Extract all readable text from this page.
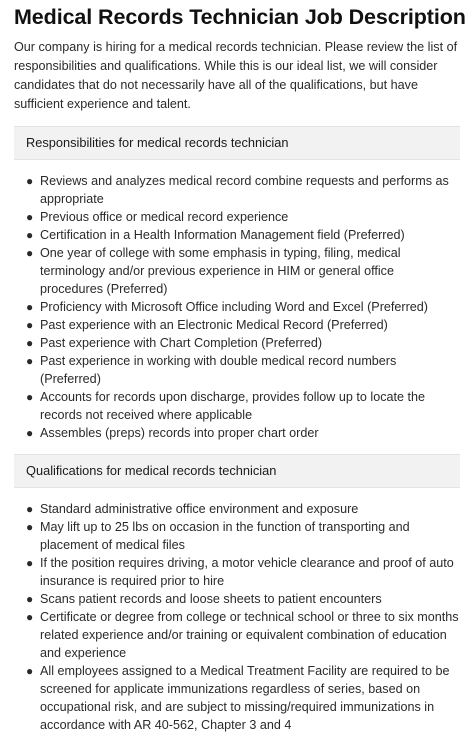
Medical Records Technician Job Description

Our company is hiring for a medical records technician. Please review the list of responsibilities and qualifications. While this is our ideal list, we will consider candidates that do not necessarily have all of the qualifications, but have sufficient experience and talent.

Responsibilities for medical records technician
● Reviews and analyzes medical record combine requests and performs as appropriate
● Previous office or medical record experience
● Certification in a Health Information Management field (Preferred)
● One year of college with some emphasis in typing, filing, medical terminology and/or previous experience in HIM or general office procedures (Preferred)
● Proficiency with Microsoft Office including Word and Excel (Preferred)
● Past experience with an Electronic Medical Record (Preferred)
● Past experience with Chart Completion (Preferred)
● Past experience in working with double medical record numbers (Preferred)
● Accounts for records upon discharge, provides follow up to locate the records not received where applicable
● Assembles (preps) records into proper chart order
Qualifications for medical records technician
● Standard administrative office environment and exposure
● May lift up to 25 lbs on occasion in the function of transporting and placement of medical files
● If the position requires driving, a motor vehicle clearance and proof of auto insurance is required prior to hire
● Scans patient records and loose sheets to patient encounters
● Certificate or degree from college or technical school or three to six months related experience and/or training or equivalent combination of education and experience
● All employees assigned to a Medical Treatment Facility are required to be screened for applicate immunizations regardless of series, based on occupational risk, and are subject to missing/required immunizations in accordance with AR 40-562, Chapter 3 and 4
